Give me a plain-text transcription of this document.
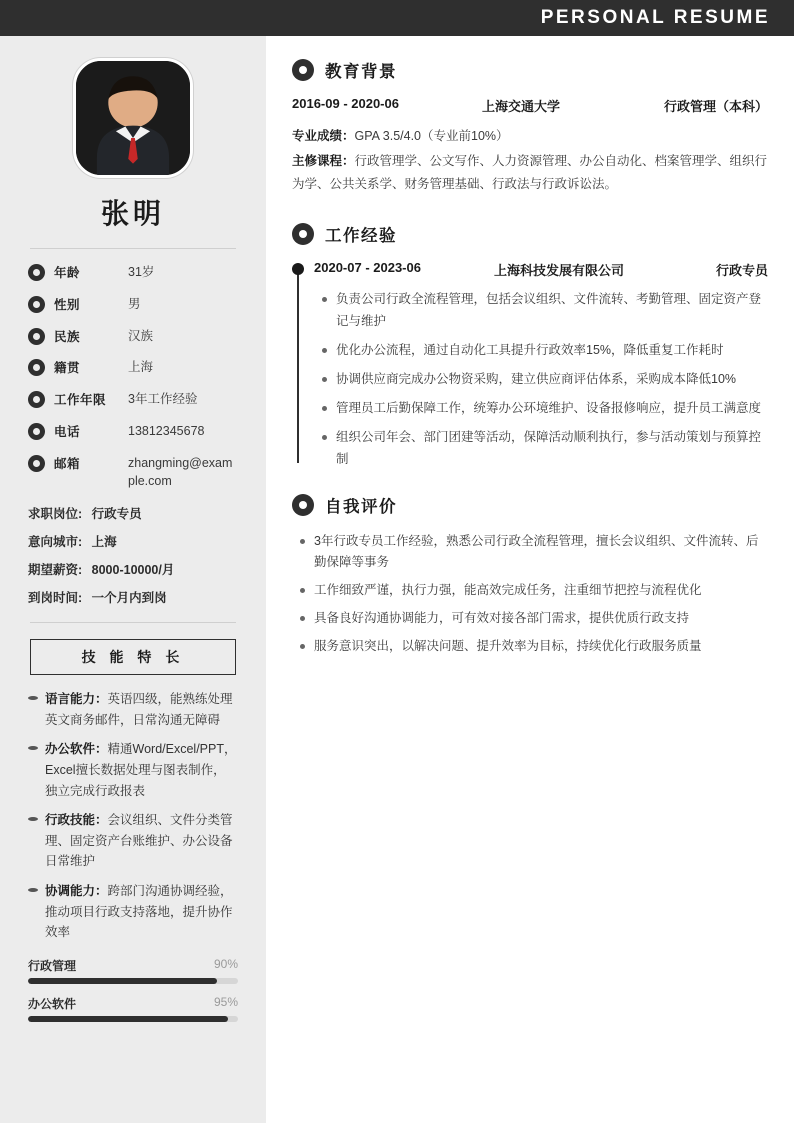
PERSONAL RESUME
张明
年龄	31岁
性别	男
民族	汉族
籍贯	上海
工作年限	3年工作经验
电话	13812345678
邮箱	zhangming@example.com
求职岗位: 行政专员
意向城市: 上海
期望薪资: 8000-10000/月
到岗时间: 一个月内到岗
技 能 特 长
语言能力：英语四级，能熟练处理英文商务邮件，日常沟通无障碍
办公软件：精通Word/Excel/PPT，Excel擅长数据处理与图表制作，独立完成行政报表
行政技能：会议组织、文件分类管理、固定资产台账维护、办公设备日常维护
协调能力：跨部门沟通协调经验，推动项目行政支持落地，提升协作效率
行政管理	90%
办公软件	95%
教育背景
2016-09 - 2020-06	上海交通大学	行政管理（本科）
专业成绩：GPA 3.5/4.0（专业前10%）
主修课程：行政管理学、公文写作、人力资源管理、办公自动化、档案管理学、组织行为学、公共关系学、财务管理基础、行政法与行政诉讼法。
工作经验
2020-07 - 2023-06	上海科技发展有限公司	行政专员
负责公司行政全流程管理，包括会议组织、文件流转、考勤管理、固定资产登记与维护
优化办公流程，通过自动化工具提升行政效率15%，降低重复工作耗时
协调供应商完成办公物资采购，建立供应商评估体系，采购成本降低10%
管理员工后勤保障工作，统筹办公环境维护、设备报修响应，提升员工满意度
组织公司年会、部门团建等活动，保障活动顺利执行，参与活动策划与预算控制
自我评价
3年行政专员工作经验，熟悉公司行政全流程管理，擅长会议组织、文件流转、后勤保障等事务
工作细致严谨，执行力强，能高效完成任务，注重细节把控与流程优化
具备良好沟通协调能力，可有效对接各部门需求，提供优质行政支持
服务意识突出，以解决问题、提升效率为目标，持续优化行政服务质量
